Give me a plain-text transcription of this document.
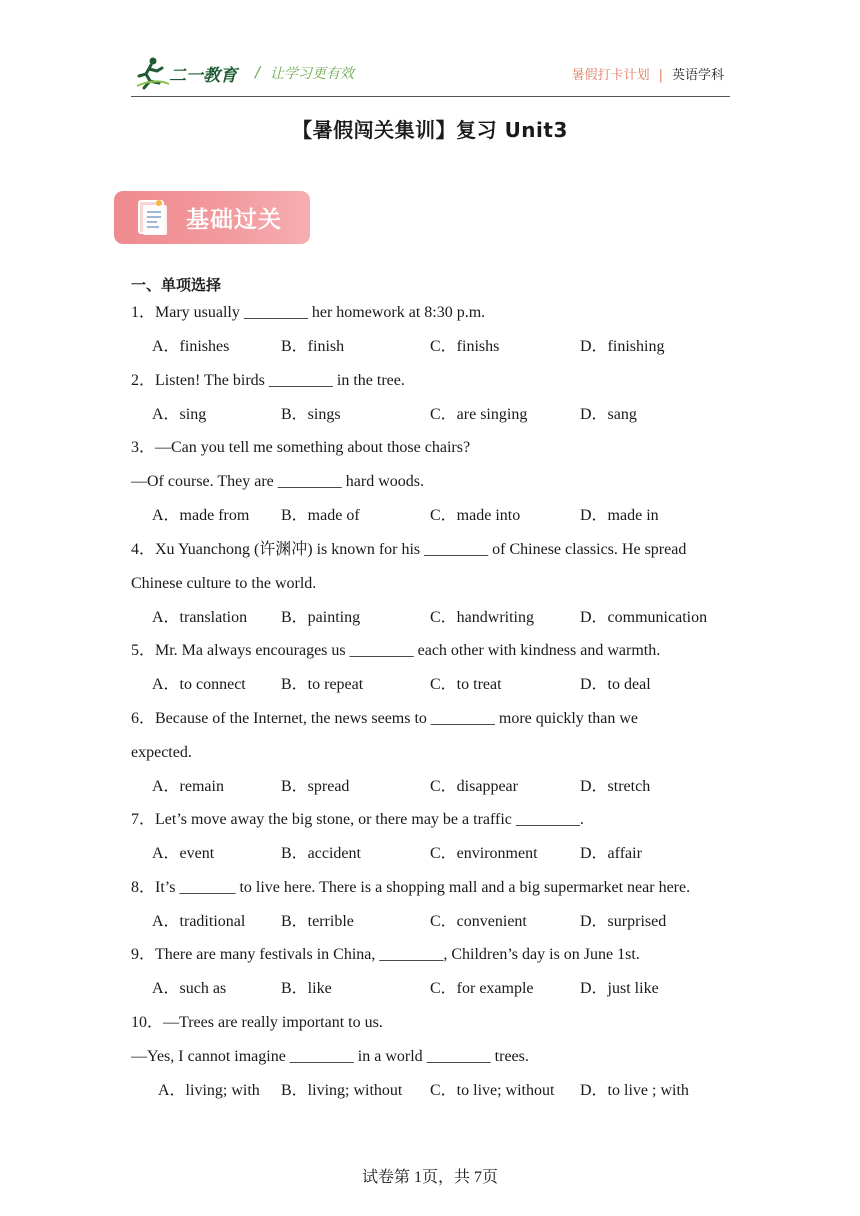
二一教育 / 让学习更有效	暑假打卡计划 | 英语学科
【暑假闯关集训】复习 Unit3
基础过关
一、单项选择
1．Mary usually ________ her homework at 8:30 p.m.
A．finishes	B．finish	C．finishs	D．finishing
2．Listen! The birds ________ in the tree.
A．sing	B．sings	C．are singing	D．sang
3．—Can you tell me something about those chairs?
—Of course. They are ________ hard woods.
A．made from B．made of	C．made into	D．made in
4．Xu Yuanchong (许渊冲) is known for his ________ of Chinese classics. He spread
Chinese culture to the world.
A．translation B．painting	C．handwriting	D．communication
5．Mr. Ma always encourages us ________ each other with kindness and warmth.
A．to connect B．to repeat	C．to treat	D．to deal
6．Because of the Internet, the news seems to ________ more quickly than we
expected.
A．remain	B．spread	C．disappear	D．stretch
7．Let’s move away the big stone, or there may be a traffic ________.
A．event	B．accident	C．environment	D．affair
8．It’s _______ to live here. There is a shopping mall and a big supermarket near here.
A．traditional B．terrible	C．convenient	D．surprised
9．There are many festivals in China, ________, Children’s day is on June 1st.
A．such as	B．like	C．for example	D．just like
10．—Trees are really important to us.
—Yes, I cannot imagine ________ in a world ________ trees.
A．living; with B．living; without C．to live; without D．to live ; with
试卷第 1页，共 7页
